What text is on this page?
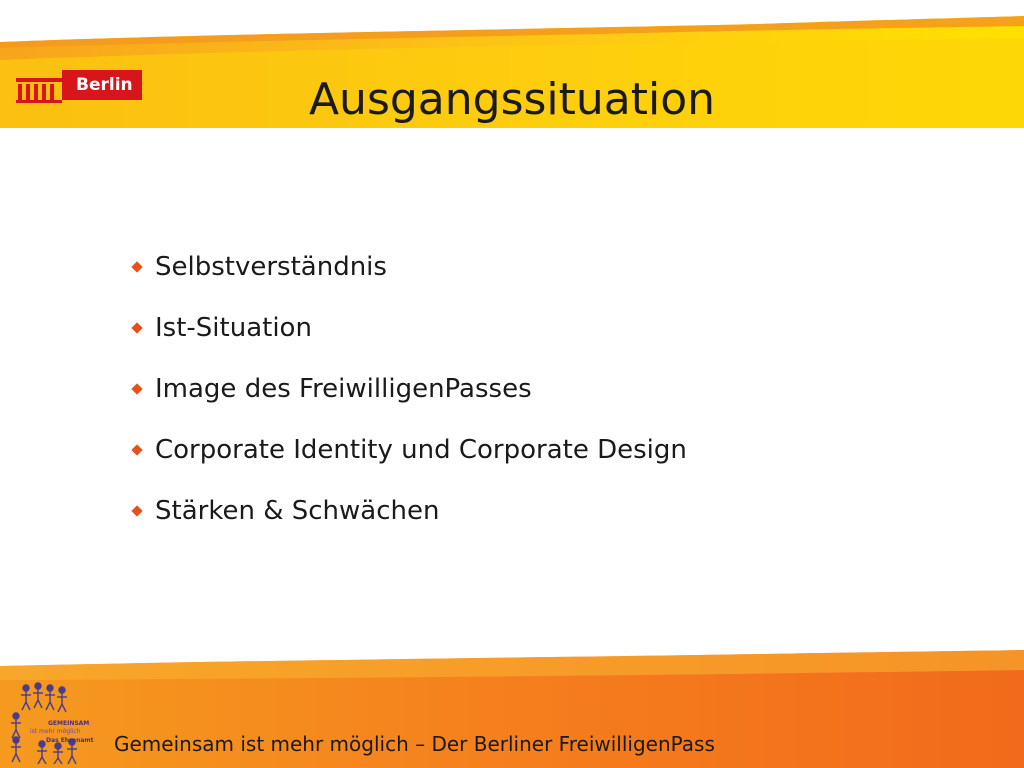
Berlin	Ausgangssituation
Selbstverständnis
Ist-Situation
Image des FreiwilligenPasses
Corporate Identity und Corporate Design
Stärken & Schwächen
GEMEINSAM
ist mehr möglich
Das Ehrenamt Gemeinsam ist mehr möglich – Der Berliner FreiwilligenPass
